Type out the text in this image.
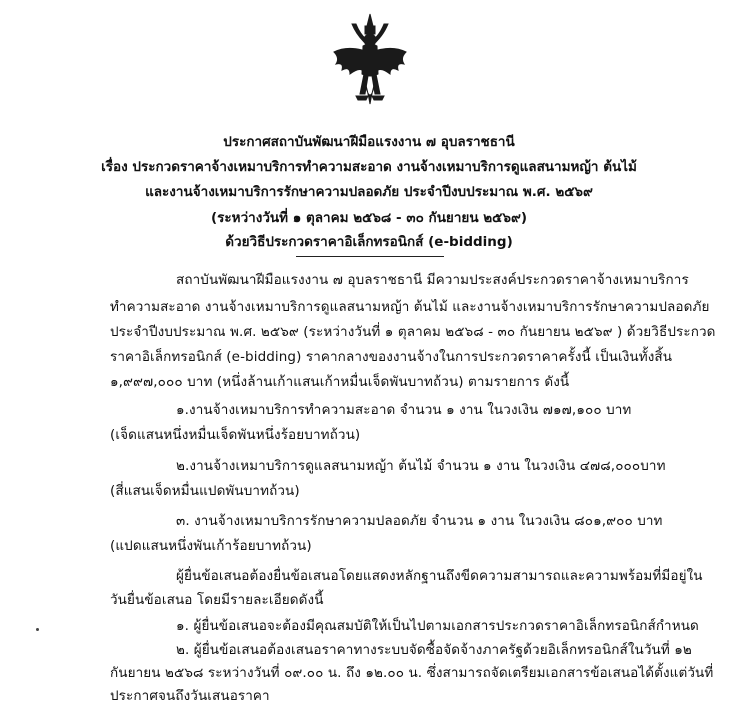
ประกาศสถาบันพัฒนาฝีมือแรงงาน ๗ อุบลราชธานี
เรื่อง ประกวดราคาจ้างเหมาบริการทำความสะอาด งานจ้างเหมาบริการดูแลสนามหญ้า ต้นไม้
และงานจ้างเหมาบริการรักษาความปลอดภัย ประจำปีงบประมาณ พ.ศ. ๒๕๖๙
(ระหว่างวันที่ ๑ ตุลาคม ๒๕๖๘ - ๓๐ กันยายน ๒๕๖๙)
ด้วยวิธีประกวดราคาอิเล็กทรอนิกส์ (e-bidding)
สถาบันพัฒนาฝีมือแรงงาน ๗ อุบลราชธานี มีความประสงค์ประกวดราคาจ้างเหมาบริการ
ทำความสะอาด งานจ้างเหมาบริการดูแลสนามหญ้า ต้นไม้ และงานจ้างเหมาบริการรักษาความปลอดภัย
ประจำปีงบประมาณ พ.ศ. ๒๕๖๙ (ระหว่างวันที่ ๑ ตุลาคม ๒๕๖๘ - ๓๐ กันยายน ๒๕๖๙ ) ด้วยวิธีประกวด
ราคาอิเล็กทรอนิกส์ (e-bidding) ราคากลางของงานจ้างในการประกวดราคาครั้งนี้ เป็นเงินทั้งสิ้น
๑,๙๙๗,๐๐๐ บาท (หนึ่งล้านเก้าแสนเก้าหมื่นเจ็ดพันบาทถ้วน) ตามรายการ ดังนี้
๑.งานจ้างเหมาบริการทำความสะอาด จำนวน ๑ งาน ในวงเงิน ๗๑๗,๑๐๐ บาท
(เจ็ดแสนหนึ่งหมื่นเจ็ดพันหนึ่งร้อยบาทถ้วน)
๒.งานจ้างเหมาบริการดูแลสนามหญ้า ต้นไม้ จำนวน ๑ งาน ในวงเงิน ๔๗๘,๐๐๐บาท
(สี่แสนเจ็ดหมื่นแปดพันบาทถ้วน)
๓. งานจ้างเหมาบริการรักษาความปลอดภัย จำนวน ๑ งาน ในวงเงิน ๘๐๑,๙๐๐ บาท
(แปดแสนหนึ่งพันเก้าร้อยบาทถ้วน)
ผู้ยื่นข้อเสนอต้องยื่นข้อเสนอโดยแสดงหลักฐานถึงขีดความสามารถและความพร้อมที่มีอยู่ใน
วันยื่นข้อเสนอ โดยมีรายละเอียดดังนี้
๑. ผู้ยื่นข้อเสนอจะต้องมีคุณสมบัติให้เป็นไปตามเอกสารประกวดราคาอิเล็กทรอนิกส์กำหนด
๒. ผู้ยื่นข้อเสนอต้องเสนอราคาทางระบบจัดซื้อจัดจ้างภาครัฐด้วยอิเล็กทรอนิกส์ในวันที่ ๑๒
กันยายน ๒๕๖๘ ระหว่างวันที่ ๐๙.๐๐ น. ถึง ๑๒.๐๐ น. ซึ่งสามารถจัดเตรียมเอกสารข้อเสนอได้ตั้งแต่วันที่
ประกาศจนถึงวันเสนอราคา
